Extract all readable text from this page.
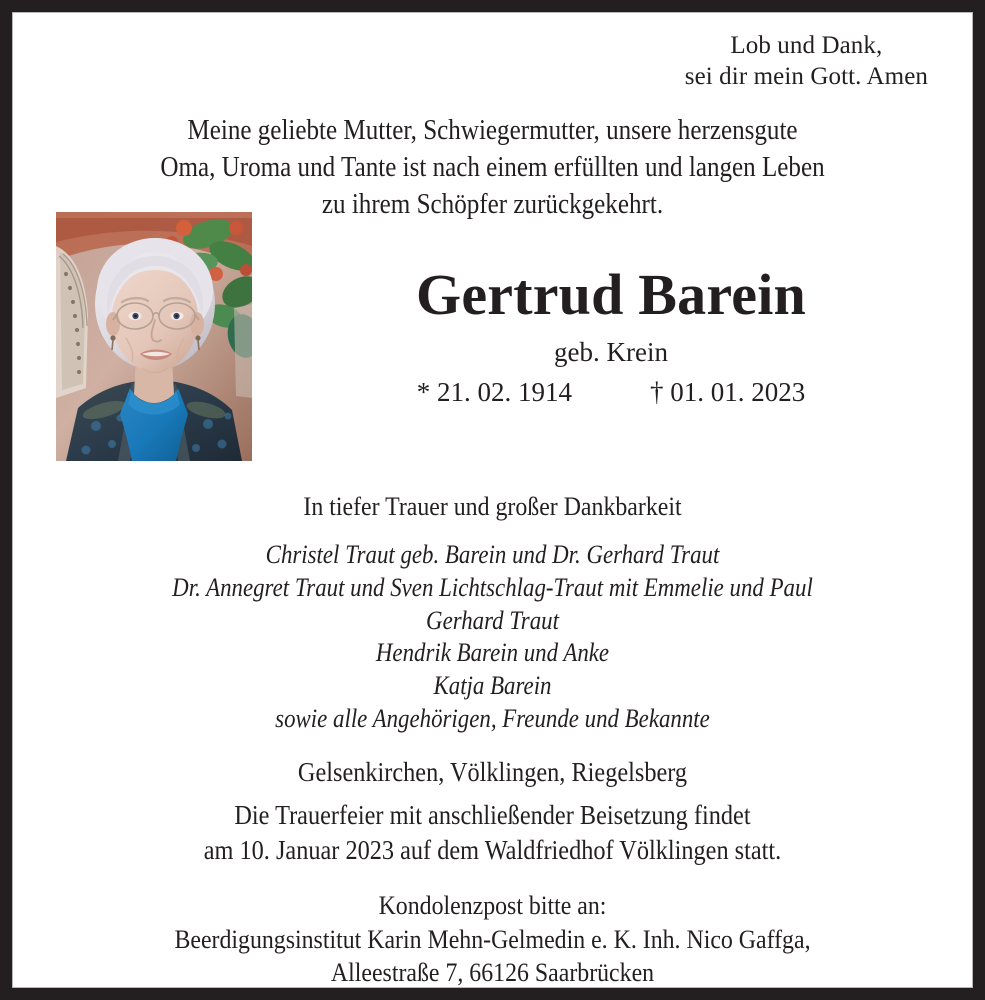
Lob und Dank,
sei dir mein Gott. Amen
Meine geliebte Mutter, Schwiegermutter, unsere herzensgute
Oma, Uroma und Tante ist nach einem erfüllten und langen Leben
zu ihrem Schöpfer zurückgekehrt.
Gertrud Barein
geb. Krein
* 21. 02. 1914	† 01. 01. 2023
In tiefer Trauer und großer Dankbarkeit
Christel Traut geb. Barein und Dr. Gerhard Traut
Dr. Annegret Traut und Sven Lichtschlag-Traut mit Emmelie und Paul
Gerhard Traut
Hendrik Barein und Anke
Katja Barein
sowie alle Angehörigen, Freunde und Bekannte
Gelsenkirchen, Völklingen, Riegelsberg
Die Trauerfeier mit anschließender Beisetzung findet
am 10. Januar 2023 auf dem Waldfriedhof Völklingen statt.
Kondolenzpost bitte an:
Beerdigungsinstitut Karin Mehn-Gelmedin e. K. Inh. Nico Gaffga,
Alleestraße 7, 66126 Saarbrücken
